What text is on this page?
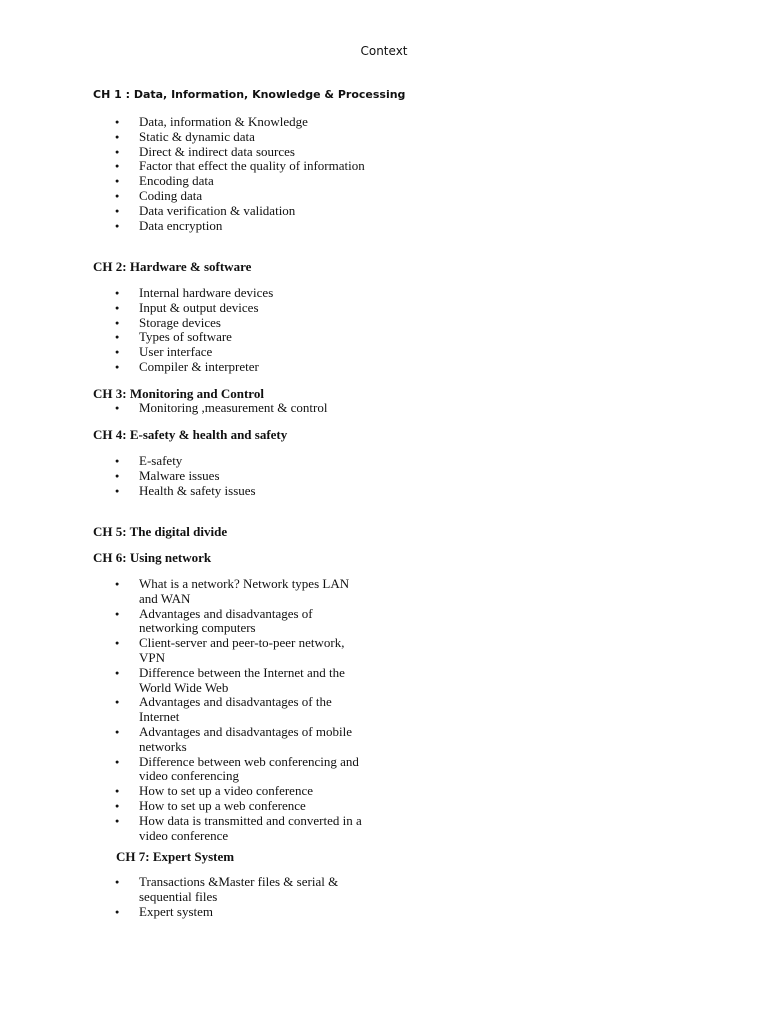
Context
CH 1 : Data, Information, Knowledge & Processing
● Data, information & Knowledge
● Static & dynamic data
● Direct & indirect data sources
● Factor that effect the quality of information
● Encoding data
● Coding data
● Data verification & validation
● Data encryption
CH 2: Hardware & software
● Internal hardware devices
● Input & output devices
● Storage devices
● Types of software
● User interface
● Compiler & interpreter
CH 3: Monitoring and Control
● Monitoring ,measurement & control
CH 4: E-safety & health and safety
● E-safety
● Malware issues
● Health & safety issues
CH 5: The digital divide
CH 6: Using network
● What is a network? Network types LAN and WAN
● Advantages and disadvantages of networking computers
● Client-server and peer-to-peer network, VPN
● Difference between the Internet and the World Wide Web
● Advantages and disadvantages of the Internet
● Advantages and disadvantages of mobile networks
● Difference between web conferencing and video conferencing
● How to set up a video conference
● How to set up a web conference
● How data is transmitted and converted in a video conference
CH 7: Expert System
● Transactions &Master files & serial & sequential files
● Expert system
